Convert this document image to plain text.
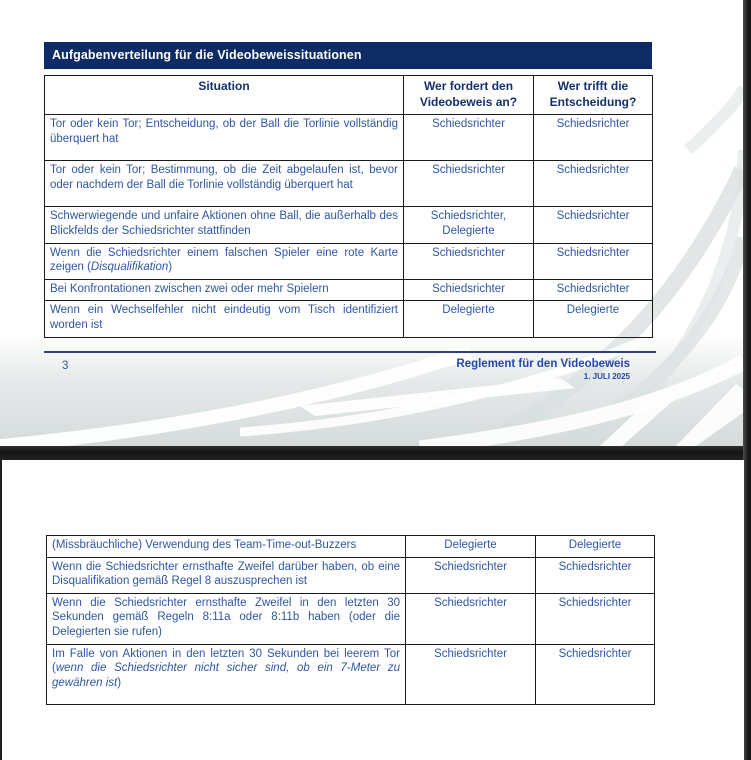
Aufgabenverteilung für die Videobeweissituationen
Situation	Wer fordert den Videobeweis an?	Wer trifft die Entscheidung?
Tor oder kein Tor; Entscheidung, ob der Ball die Torlinie vollständig überquert hat	Schiedsrichter	Schiedsrichter
Tor oder kein Tor; Bestimmung, ob die Zeit abgelaufen ist, bevor oder nachdem der Ball die Torlinie vollständig überquert hat	Schiedsrichter	Schiedsrichter
Schwerwiegende und unfaire Aktionen ohne Ball, die außerhalb des Blickfelds der Schiedsrichter stattfinden	Schiedsrichter, Delegierte	Schiedsrichter
Wenn die Schiedsrichter einem falschen Spieler eine rote Karte zeigen (Disqualifikation)	Schiedsrichter	Schiedsrichter
Bei Konfrontationen zwischen zwei oder mehr Spielern	Schiedsrichter	Schiedsrichter
Wenn ein Wechselfehler nicht eindeutig vom Tisch identifiziert worden ist	Delegierte	Delegierte
3	Reglement für den Videobeweis
1. JULI 2025
(Missbräuchliche) Verwendung des Team-Time-out-Buzzers	Delegierte	Delegierte
Wenn die Schiedsrichter ernsthafte Zweifel darüber haben, ob eine Disqualifikation gemäß Regel 8 auszusprechen ist	Schiedsrichter	Schiedsrichter
Wenn die Schiedsrichter ernsthafte Zweifel in den letzten 30 Sekunden gemäß Regeln 8:11a oder 8:11b haben (oder die Delegierten sie rufen)	Schiedsrichter	Schiedsrichter
Im Falle von Aktionen in den letzten 30 Sekunden bei leerem Tor (wenn die Schiedsrichter nicht sicher sind, ob ein 7-Meter zu gewähren ist)	Schiedsrichter	Schiedsrichter
